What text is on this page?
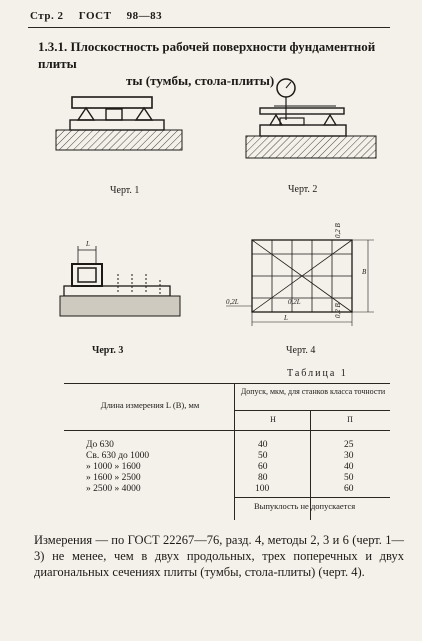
Стр. 2 ГОСТ 98—83
1.3.1. Плоскостность рабочей поверхности фундаментной плиты
ты (тумбы, стола-плиты)
Черт. 1	Черт. 2
L
Черт. 3
B
0,2 B
0,2 B
L
0,2L	0,2L
Черт. 4
Таблица 1
Длина измерения L (В), мм
Допуск, мкм, для станков класса точности
Н	П
До 630	40	25
Св. 630 до 1000	50	30
» 1000 » 1600	60	40
» 1600 » 2500	80	50
» 2500 » 4000	100	60
Выпуклость не допускается
Измерения — по ГОСТ 22267—76, разд. 4, методы 2, 3 и 6 (черт. 1—3) не менее, чем в двух продольных, трех поперечных и двух диагональных сечениях плиты (тумбы, стола-плиты) (черт. 4).
